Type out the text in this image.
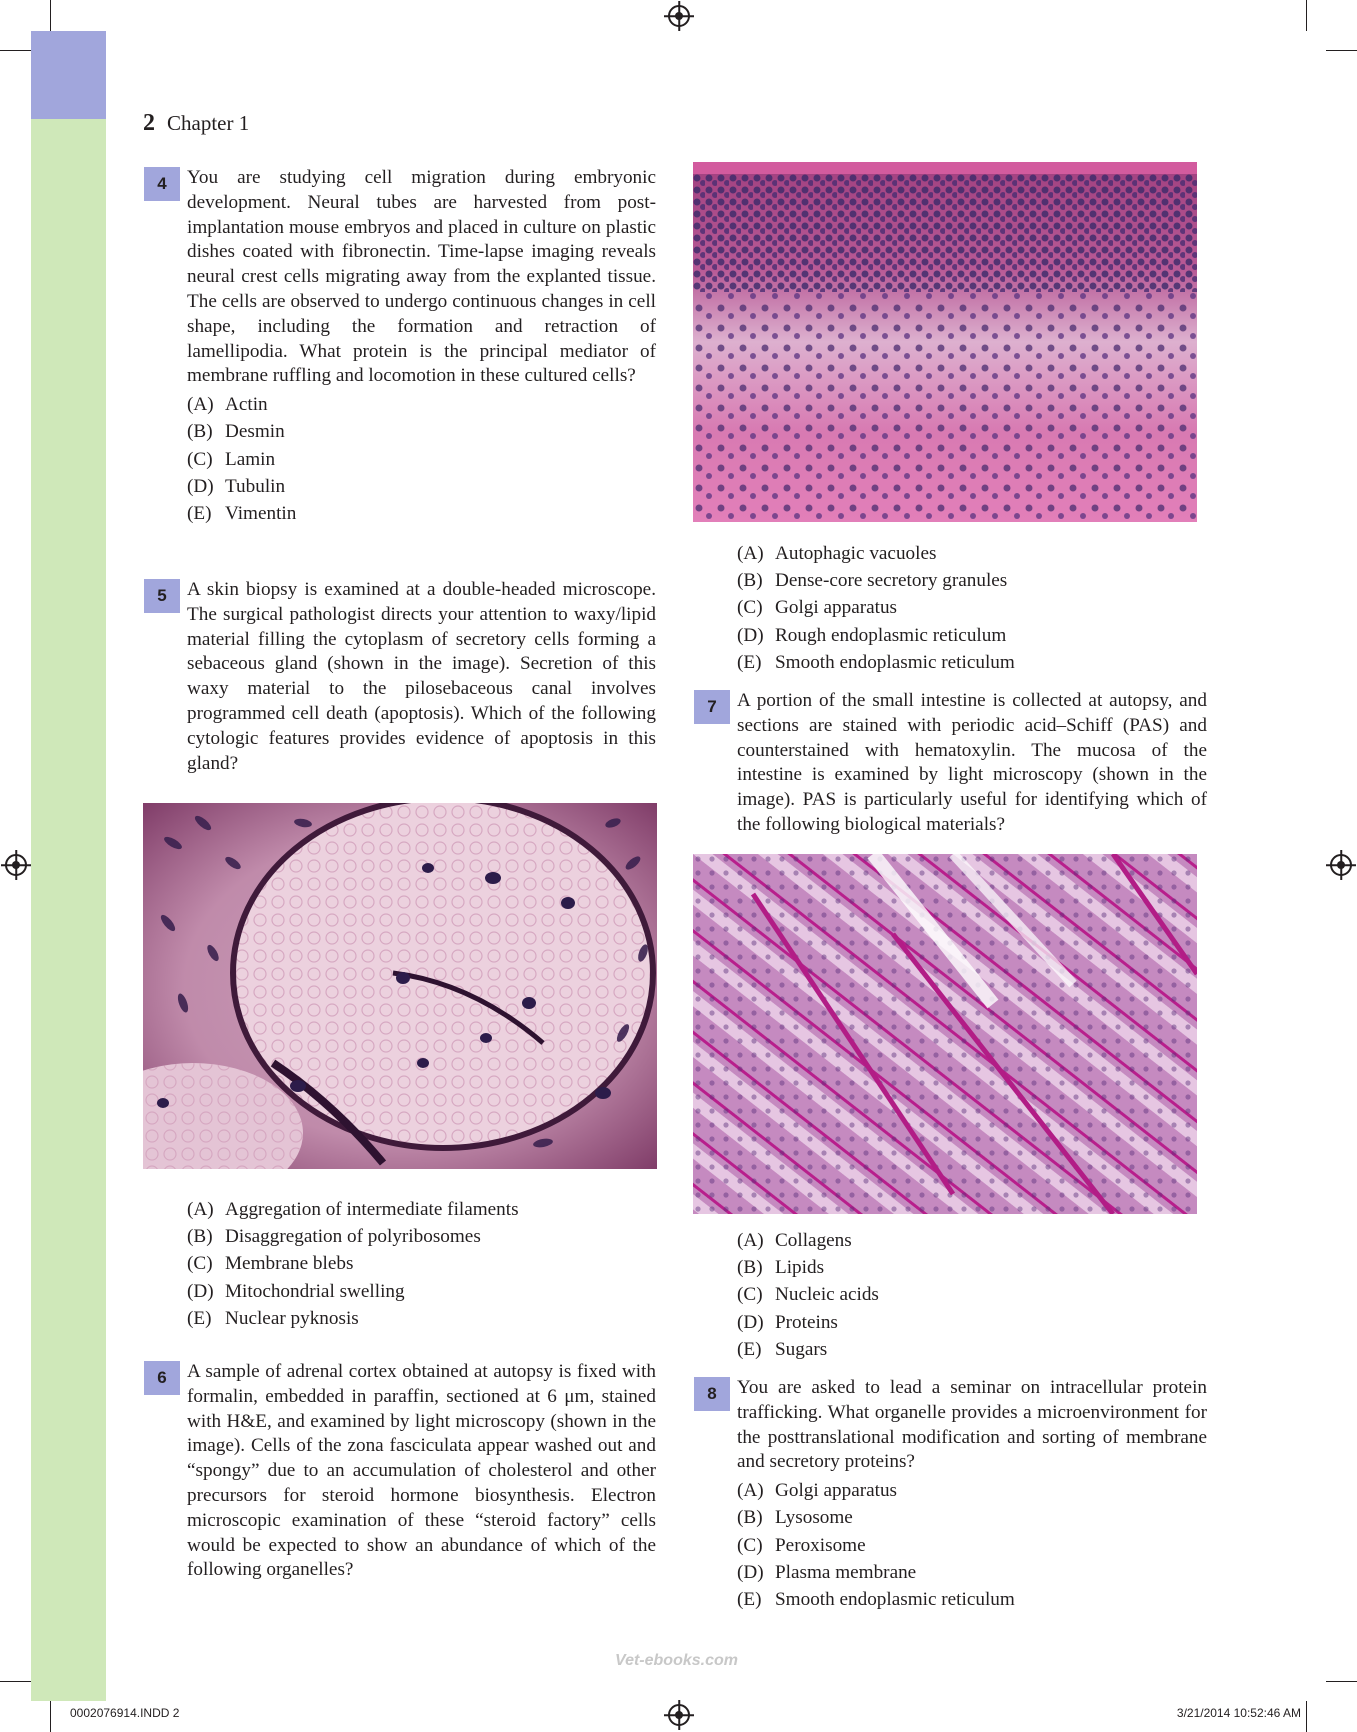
2 Chapter 1
4	You are studying cell migration during embryonic development. Neural tubes are harvested from post-implantation mouse embryos and placed in culture on plastic dishes coated with fibronectin. Time-lapse imaging reveals neural crest cells migrating away from the explanted tissue. The cells are observed to undergo continuous changes in cell shape, including the formation and retraction of lamellipodia. What protein is the principal mediator of membrane ruffling and locomotion in these cultured cells?

(A) Actin
(B) Desmin
(C) Lamin
(D) Tubulin
(E) Vimentin
5	A skin biopsy is examined at a double-headed microscope. The surgical pathologist directs your attention to waxy/lipid material filling the cytoplasm of secretory cells forming a sebaceous gland (shown in the image). Secretion of this waxy material to the pilosebaceous canal involves programmed cell death (apoptosis). Which of the following cytologic features provides evidence of apoptosis in this gland?

(A) Aggregation of intermediate filaments
(B) Disaggregation of polyribosomes
(C) Membrane blebs
(D) Mitochondrial swelling
(E) Nuclear pyknosis
6	A sample of adrenal cortex obtained at autopsy is fixed with formalin, embedded in paraffin, sectioned at 6 μm, stained with H&E, and examined by light microscopy (shown in the image). Cells of the zona fasciculata appear washed out and “spongy” due to an accumulation of cholesterol and other precursors for steroid hormone biosynthesis. Electron microscopic examination of these “steroid factory” cells would be expected to show an abundance of which of the following organelles?

(A) Autophagic vacuoles
(B) Dense-core secretory granules
(C) Golgi apparatus
(D) Rough endoplasmic reticulum
(E) Smooth endoplasmic reticulum
7	A portion of the small intestine is collected at autopsy, and sections are stained with periodic acid–Schiff (PAS) and counterstained with hematoxylin. The mucosa of the intestine is examined by light microscopy (shown in the image). PAS is particularly useful for identifying which of the following biological materials?

(A) Collagens
(B) Lipids
(C) Nucleic acids
(D) Proteins
(E) Sugars
8	You are asked to lead a seminar on intracellular protein trafficking. What organelle provides a microenvironment for the posttranslational modification and sorting of membrane and secretory proteins?

(A) Golgi apparatus
(B) Lysosome
(C) Peroxisome
(D) Plasma membrane
(E) Smooth endoplasmic reticulum
Vet-ebooks.com
0002076914.INDD 2	3/21/2014 10:52:46 AM
